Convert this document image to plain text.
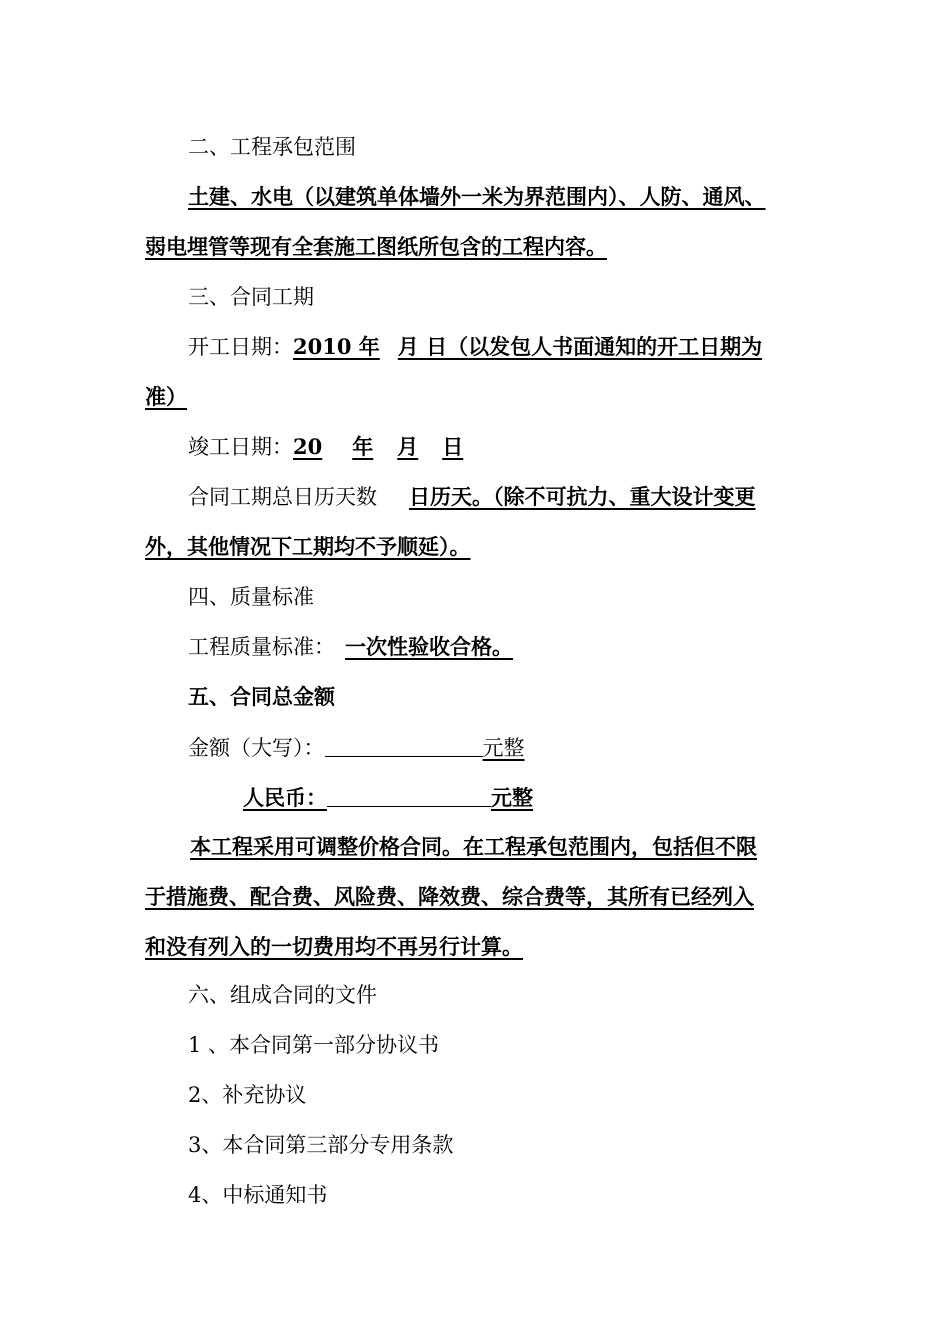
二、工程承包范围
土建、水电（以建筑单体墙外一米为界范围内）、人防、通风、
弱电埋管等现有全套施工图纸所包含的工程内容。
三、合同工期
开工日期：2010 年 月 日（以发包人书面通知的开工日期为
准）
竣工日期：20 年 月 日
合同工期总日历天数 日历天。（除不可抗力、重大设计变更
外，其他情况下工期均不予顺延）。
四、质量标准
工程质量标准： 一次性验收合格。
五、合同总金额
金额（大写）：	元整
人民币：	元整
本工程采用可调整价格合同。在工程承包范围内，包括但不限
于措施费、配合费、风险费、降效费、综合费等，其所有已经列入
和没有列入的一切费用均不再另行计算。
六、组成合同的文件
1 、本合同第一部分协议书
2、补充协议
3、本合同第三部分专用条款
4、中标通知书
